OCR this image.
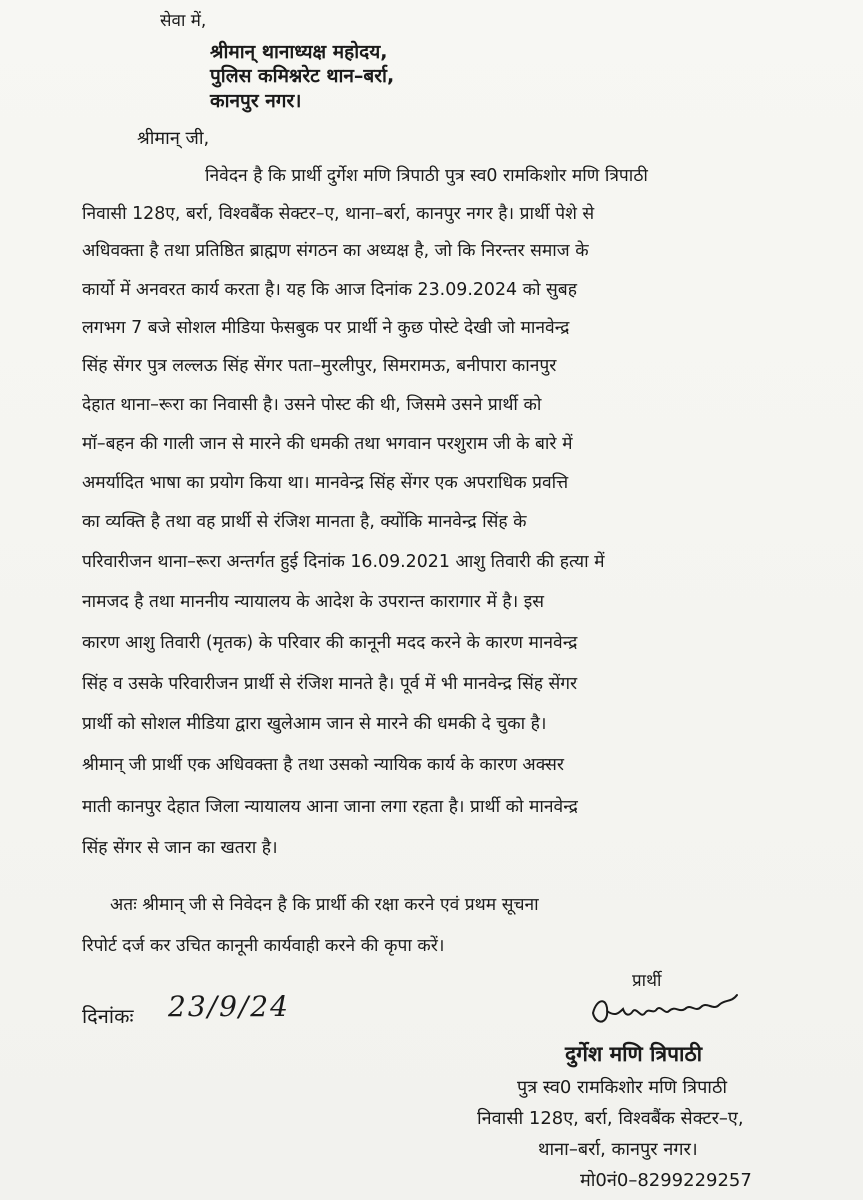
सेवा में,
श्रीमान् थानाध्यक्ष महोदय,
पुलिस कमिश्नरेट थान–बर्रा,
कानपुर नगर।
श्रीमान् जी,
निवेदन है कि प्रार्थी दुर्गेश मणि त्रिपाठी पुत्र स्व0 रामकिशोर मणि त्रिपाठी
निवासी 128ए, बर्रा, विश्वबैंक सेक्टर–ए, थाना–बर्रा, कानपुर नगर है। प्रार्थी पेशे से
अधिवक्ता है तथा प्रतिष्ठित ब्राह्मण संगठन का अध्यक्ष है, जो कि निरन्तर समाज के
कार्यो में अनवरत कार्य करता है। यह कि आज दिनांक 23.09.2024 को सुबह
लगभग 7 बजे सोशल मीडिया फेसबुक पर प्रार्थी ने कुछ पोस्टे देखी जो मानवेन्द्र
सिंह सेंगर पुत्र लल्लऊ सिंह सेंगर पता–मुरलीपुर, सिमरामऊ, बनीपारा कानपुर
देहात थाना–रूरा का निवासी है। उसने पोस्ट की थी, जिसमे उसने प्रार्थी को
मॉ–बहन की गाली जान से मारने की धमकी तथा भगवान परशुराम जी के बारे में
अमर्यादित भाषा का प्रयोग किया था। मानवेन्द्र सिंह सेंगर एक अपराधिक प्रवत्ति
का व्यक्ति है तथा वह प्रार्थी से रंजिश मानता है, क्योंकि मानवेन्द्र सिंह के
परिवारीजन थाना–रूरा अन्तर्गत हुई दिनांक 16.09.2021 आशु तिवारी की हत्या में
नामजद है तथा माननीय न्यायालय के आदेश के उपरान्त कारागार में है। इस
कारण आशु तिवारी (मृतक) के परिवार की कानूनी मदद करने के कारण मानवेन्द्र
सिंह व उसके परिवारीजन प्रार्थी से रंजिश मानते है। पूर्व में भी मानवेन्द्र सिंह सेंगर
प्रार्थी को सोशल मीडिया द्वारा खुलेआम जान से मारने की धमकी दे चुका है।
श्रीमान् जी प्रार्थी एक अधिवक्ता है तथा उसको न्यायिक कार्य के कारण अक्सर
माती कानपुर देहात जिला न्यायालय आना जाना लगा रहता है। प्रार्थी को मानवेन्द्र
सिंह सेंगर से जान का खतरा है।
अतः श्रीमान् जी से निवेदन है कि प्रार्थी की रक्षा करने एवं प्रथम सूचना
रिपोर्ट दर्ज कर उचित कानूनी कार्यवाही करने की कृपा करें।
दिनांकः 23/9/24
प्रार्थी
दुर्गेश मणि त्रिपाठी
पुत्र स्व0 रामकिशोर मणि त्रिपाठी
निवासी 128ए, बर्रा, विश्वबैंक सेक्टर–ए,
थाना–बर्रा, कानपुर नगर।
मो0नं0–8299229257
